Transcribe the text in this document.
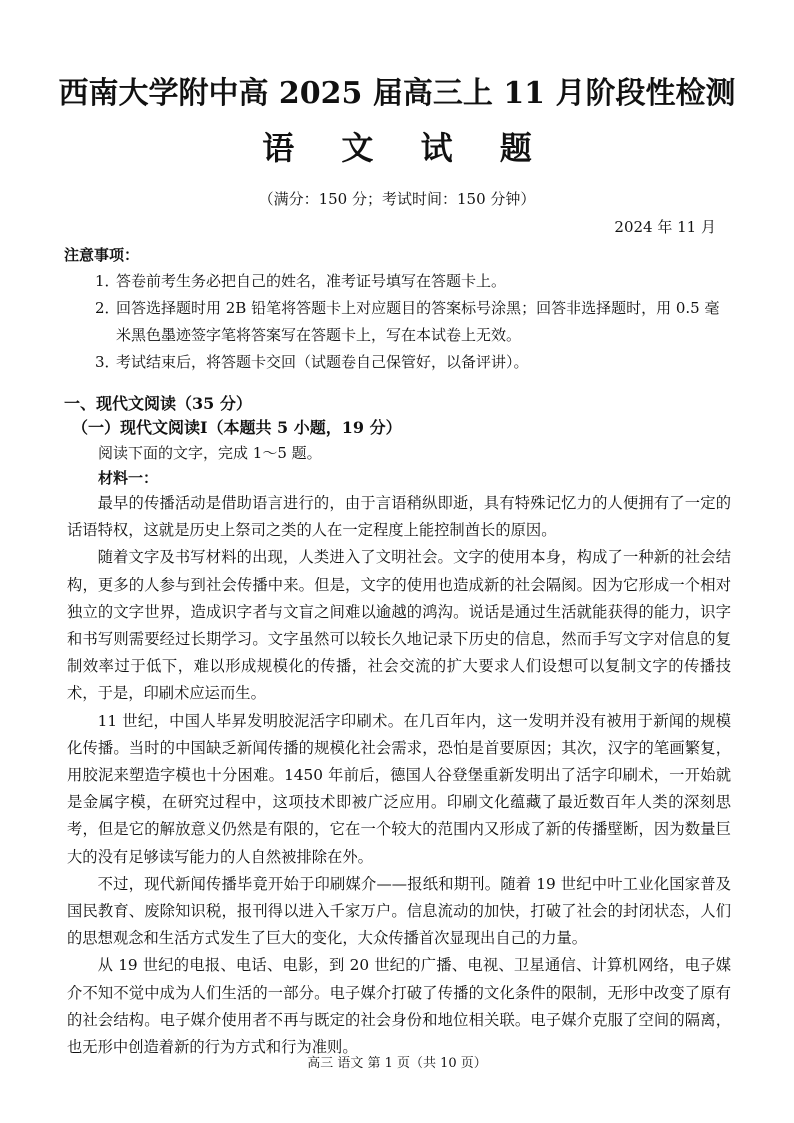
西南大学附中高 2025 届高三上 11 月阶段性检测
语 文 试 题
（满分：150 分；考试时间：150 分钟）
2024 年 11 月
注意事项：
1．
答卷前考生务必把自己的姓名，准考证号填写在答题卡上。
2．
回答选择题时用 2B 铅笔将答题卡上对应题目的答案标号涂黑；回答非选择题时，用 0.5 毫米黑色墨迹签字笔将答案写在答题卡上，写在本试卷上无效。
3．
考试结束后，将答题卡交回（试题卷自己保管好，以备评讲）。
一、现代文阅读（35 分）
（一）现代文阅读Ⅰ（本题共 5 小题，19 分）
阅读下面的文字，完成 1～5 题。
材料一：

最早的传播活动是借助语言进行的，由于言语稍纵即逝，具有特殊记忆力的人便拥有了一定的话语特权，这就是历史上祭司之类的人在一定程度上能控制酋长的原因。

随着文字及书写材料的出现，人类进入了文明社会。文字的使用本身，构成了一种新的社会结构，更多的人参与到社会传播中来。但是，文字的使用也造成新的社会隔阂。因为它形成一个相对独立的文字世界，造成识字者与文盲之间难以逾越的鸿沟。说话是通过生活就能获得的能力，识字和书写则需要经过长期学习。文字虽然可以较长久地记录下历史的信息，然而手写文字对信息的复制效率过于低下，难以形成规模化的传播，社会交流的扩大要求人们设想可以复制文字的传播技术，于是，印刷术应运而生。

11 世纪，中国人毕昇发明胶泥活字印刷术。在几百年内，这一发明并没有被用于新闻的规模化传播。当时的中国缺乏新闻传播的规模化社会需求，恐怕是首要原因；其次，汉字的笔画繁复，用胶泥来塑造字模也十分困难。1450 年前后，德国人谷登堡重新发明出了活字印刷术，一开始就是金属字模，在研究过程中，这项技术即被广泛应用。印刷文化蕴藏了最近数百年人类的深刻思考，但是它的解放意义仍然是有限的，它在一个较大的范围内又形成了新的传播壁断，因为数量巨大的没有足够读写能力的人自然被排除在外。

不过，现代新闻传播毕竟开始于印刷媒介——报纸和期刊。随着 19 世纪中叶工业化国家普及国民教育、废除知识税，报刊得以进入千家万户。信息流动的加快，打破了社会的封闭状态，人们的思想观念和生活方式发生了巨大的变化，大众传播首次显现出自己的力量。

从 19 世纪的电报、电话、电影，到 20 世纪的广播、电视、卫星通信、计算机网络，电子媒介不知不觉中成为人们生活的一部分。电子媒介打破了传播的文化条件的限制，无形中改变了原有的社会结构。电子媒介使用者不再与既定的社会身份和地位相关联。电子媒介克服了空间的隔离，也无形中创造着新的行为方式和行为准则。

高三 语文 第 1 页（共 10 页）
